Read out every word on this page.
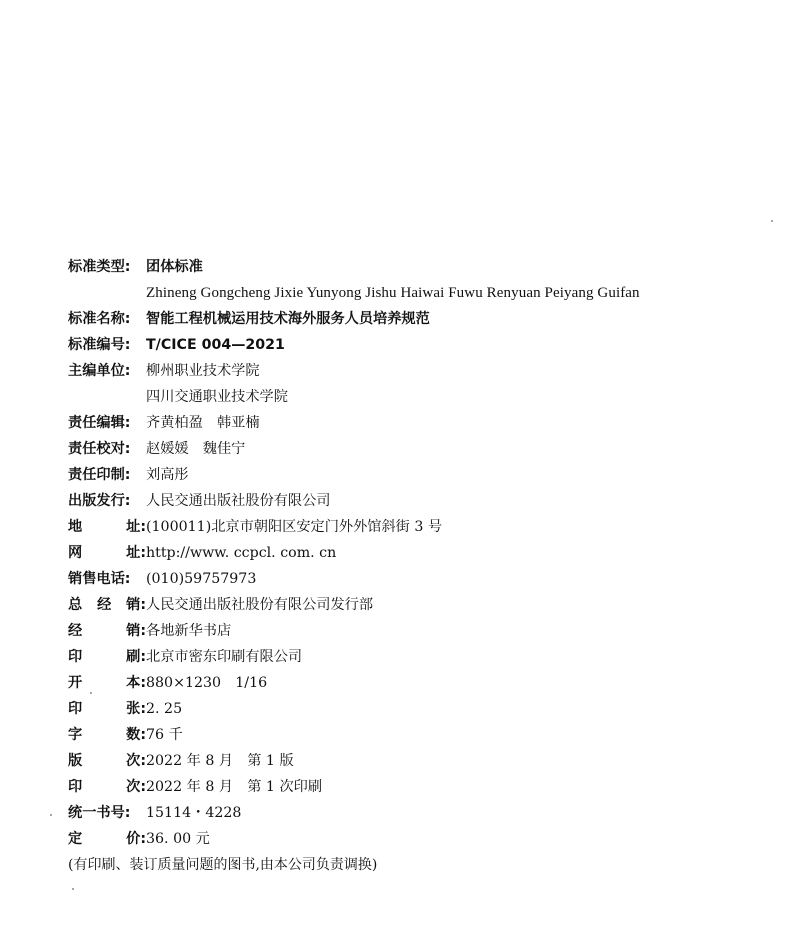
标准类型:	团体标准
Zhineng Gongcheng Jixie Yunyong Jishu Haiwai Fuwu Renyuan Peiyang Guifan
标准名称:	智能工程机械运用技术海外服务人员培养规范
标准编号:	T/CICE 004—2021
主编单位:	柳州职业技术学院
四川交通职业技术学院
责任编辑:	齐黄柏盈　韩亚楠
责任校对:	赵媛媛　魏佳宁
责任印制:	刘高彤
出版发行:	人民交通出版社股份有限公司
地	址: (100011)北京市朝阳区安定门外外馆斜街 3 号
网	址: http://www. ccpcl. com. cn
销售电话:	(010)59757973
总 经 销: 人民交通出版社股份有限公司发行部
经	销: 各地新华书店
印	刷: 北京市密东印刷有限公司
开	本: 880×1230　1/16
印	张: 2. 25
字	数: 76 千
版	次: 2022 年 8 月　第 1 版
印	次: 2022 年 8 月　第 1 次印刷
统一书号:	15114・4228
定	价: 36. 00 元
(有印刷、装订质量问题的图书,由本公司负责调换)
